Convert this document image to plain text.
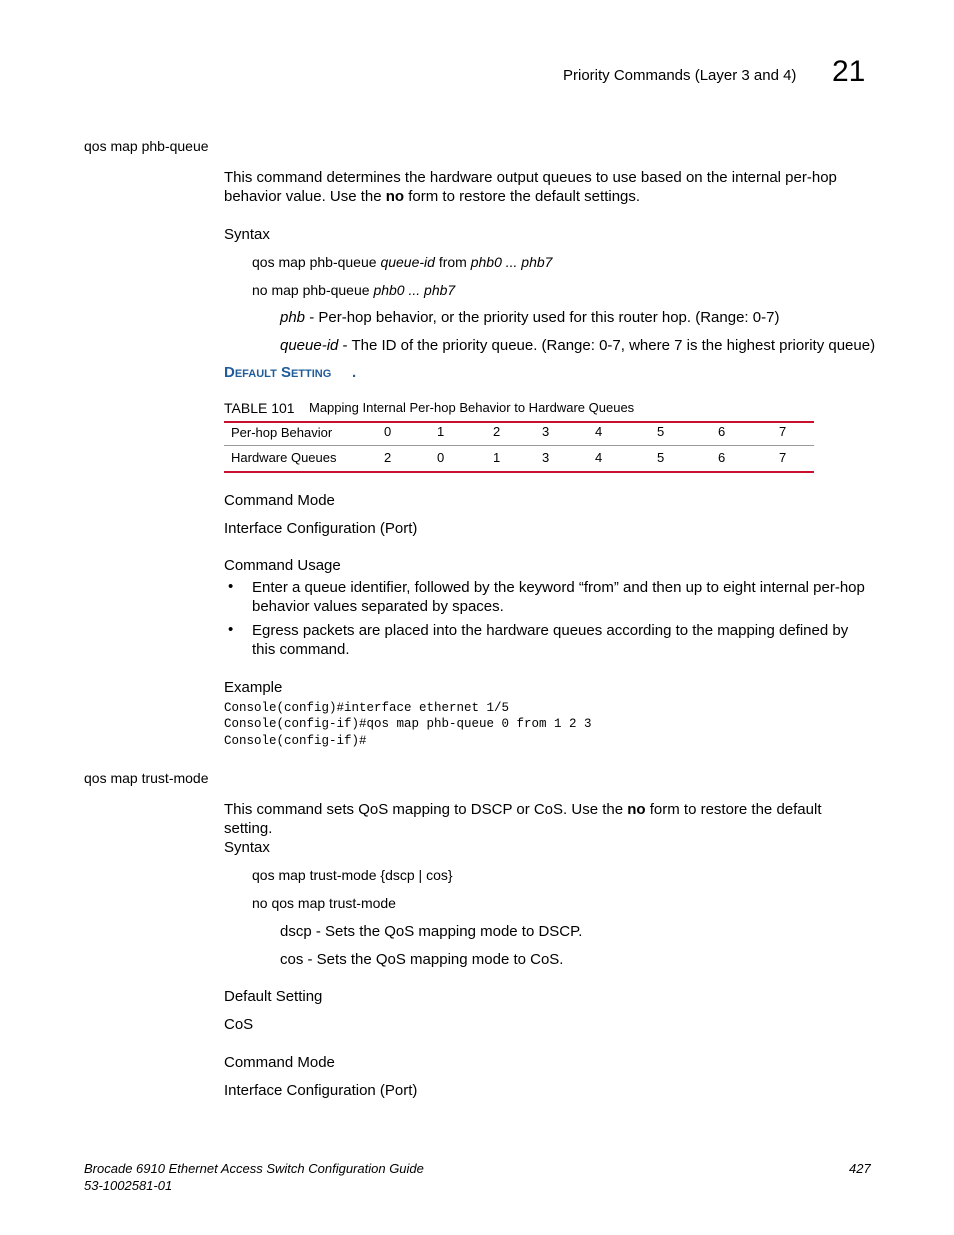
Priority Commands (Layer 3 and 4) 21
qos map phb-queue
This command determines the hardware output queues to use based on the internal per-hop behavior value. Use the no form to restore the default settings.
Syntax
qos map phb-queue queue-id from phb0 ... phb7
no map phb-queue phb0 ... phb7
phb - Per-hop behavior, or the priority used for this router hop. (Range: 0-7)
queue-id - The ID of the priority queue. (Range: 0-7, where 7 is the highest priority queue)
Default Setting .
TABLE 101 Mapping Internal Per-hop Behavior to Hardware Queues
Per-hop Behavior	0	1	2	3	4	5	6	7
Hardware Queues	2	0	1	3	4	5	6	7
Command Mode
Interface Configuration (Port)
Command Usage
• Enter a queue identifier, followed by the keyword “from” and then up to eight internal per-hop behavior values separated by spaces.
• Egress packets are placed into the hardware queues according to the mapping defined by this command.
Example
Console(config)#interface ethernet 1/5
Console(config-if)#qos map phb-queue 0 from 1 2 3
Console(config-if)#
qos map trust-mode
This command sets QoS mapping to DSCP or CoS. Use the no form to restore the default setting.
Syntax
qos map trust-mode {dscp | cos}
no qos map trust-mode
dscp - Sets the QoS mapping mode to DSCP.
cos - Sets the QoS mapping mode to CoS.
Default Setting
CoS
Command Mode
Interface Configuration (Port)
Brocade 6910 Ethernet Access Switch Configuration Guide
53-1002581-01
427
